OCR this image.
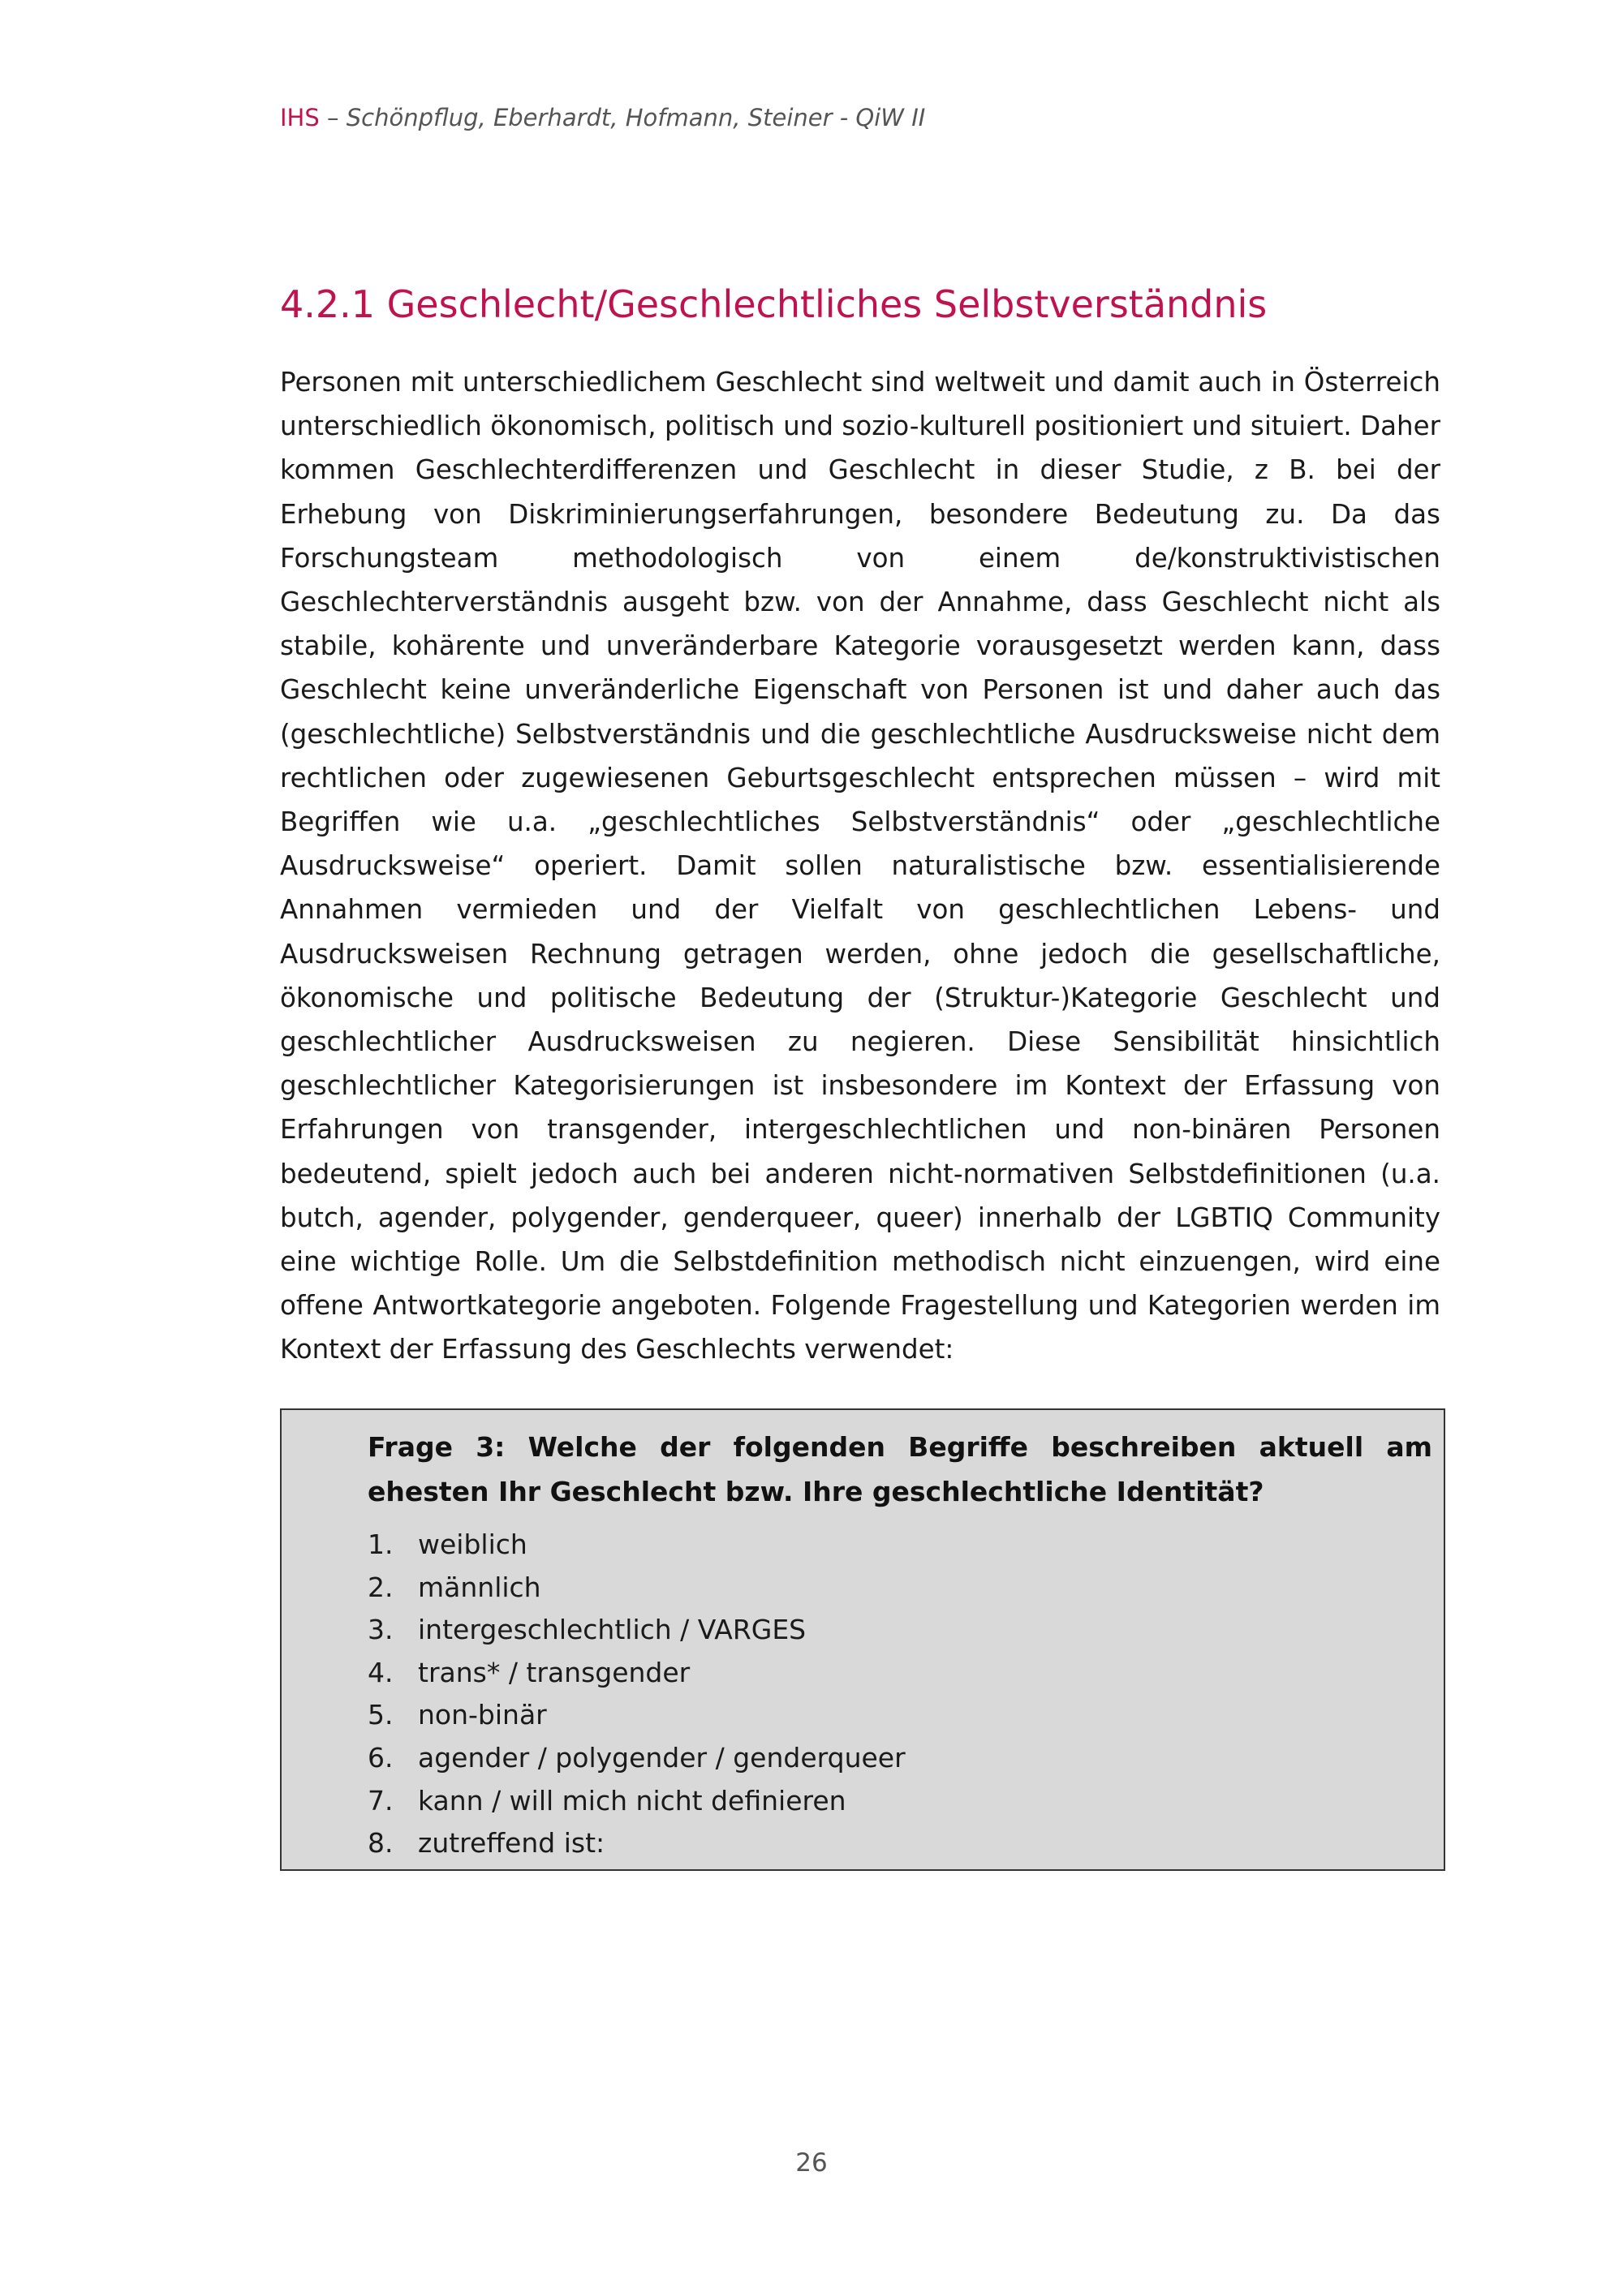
IHS – Schönpflug, Eberhardt, Hofmann, Steiner - QiW II
4.2.1 Geschlecht/Geschlechtliches Selbstverständnis

Personen mit unterschiedlichem Geschlecht sind weltweit und damit auch in Österreich unterschiedlich ökonomisch, politisch und sozio-kulturell positioniert und situiert. Daher kommen Geschlechterdifferenzen und Geschlecht in dieser Studie, z B. bei der Erhebung von Diskriminierungserfahrungen, besondere Bedeutung zu. Da das Forschungsteam methodologisch von einem de/konstruktivistischen Geschlechterverständnis ausgeht bzw. von der Annahme, dass Geschlecht nicht als stabile, kohärente und unveränderbare Kategorie vorausgesetzt werden kann, dass Geschlecht keine unveränderliche Eigenschaft von Personen ist und daher auch das (geschlechtliche) Selbstverständnis und die geschlechtliche Ausdrucksweise nicht dem rechtlichen oder zugewiesenen Geburtsgeschlecht entsprechen müssen – wird mit Begriffen wie u.a. „geschlechtliches Selbstverständnis“ oder „geschlechtliche Ausdrucksweise“ operiert. Damit sollen naturalistische bzw. essentialisierende Annahmen vermieden und der Vielfalt von geschlechtlichen Lebens- und Ausdrucksweisen Rechnung getragen werden, ohne jedoch die gesellschaftliche, ökonomische und politische Bedeutung der (Struktur-)Kategorie Geschlecht und geschlechtlicher Ausdrucksweisen zu negieren. Diese Sensibilität hinsichtlich geschlechtlicher Kategorisierungen ist insbesondere im Kontext der Erfassung von Erfahrungen von transgender, intergeschlechtlichen und non-binären Personen bedeutend, spielt jedoch auch bei anderen nicht-normativen Selbstdefinitionen (u.a. butch, agender, polygender, genderqueer, queer) innerhalb der LGBTIQ Community eine wichtige Rolle. Um die Selbstdefinition methodisch nicht einzuengen, wird eine offene Antwortkategorie angeboten. Folgende Fragestellung und Kategorien werden im Kontext der Erfassung des Geschlechts verwendet:

Frage 3: Welche der folgenden Begriffe beschreiben aktuell am ehesten Ihr Geschlecht bzw. Ihre geschlechtliche Identität?

1. weiblich
2. männlich
3. intergeschlechtlich / VARGES
4. trans* / transgender
5. non-binär
6. agender / polygender / genderqueer
7. kann / will mich nicht definieren
8. zutreffend ist:
26
